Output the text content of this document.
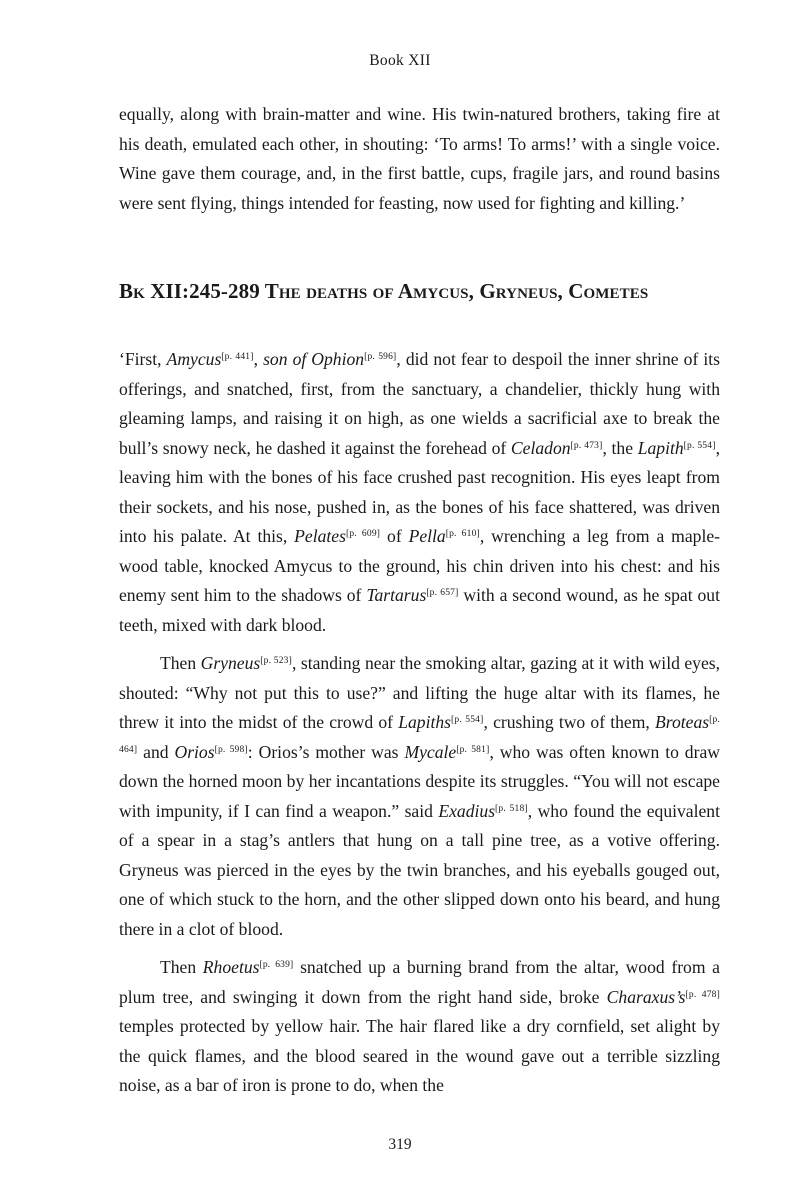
Book XII

equally, along with brain-matter and wine. His twin-natured brothers, taking fire at his death, emulated each other, in shouting: ‘To arms! To arms!’ with a single voice. Wine gave them courage, and, in the first battle, cups, fragile jars, and round basins were sent flying, things intended for feasting, now used for fighting and killing.’

Bk XII:245-289 The deaths of Amycus, Gryneus, Cometes

‘First, Amycus[p. 441], son of Ophion[p. 596], did not fear to despoil the inner shrine of its offerings, and snatched, first, from the sanctuary, a chandelier, thickly hung with gleaming lamps, and raising it on high, as one wields a sacrificial axe to break the bull’s snowy neck, he dashed it against the forehead of Celadon[p. 473], the Lapith[p. 554], leaving him with the bones of his face crushed past recognition. His eyes leapt from their sockets, and his nose, pushed in, as the bones of his face shattered, was driven into his palate. At this, Pelates[p. 609] of Pella[p. 610], wrenching a leg from a maple-wood table, knocked Amycus to the ground, his chin driven into his chest: and his enemy sent him to the shadows of Tartarus[p. 657] with a second wound, as he spat out teeth, mixed with dark blood.

Then Gryneus[p. 523], standing near the smoking altar, gazing at it with wild eyes, shouted: “Why not put this to use?” and lifting the huge altar with its flames, he threw it into the midst of the crowd of Lapiths[p. 554], crushing two of them, Broteas[p. 464] and Orios[p. 598]: Orios’s mother was Mycale[p. 581], who was often known to draw down the horned moon by her incantations despite its struggles. “You will not escape with impunity, if I can find a weapon.” said Exadius[p. 518], who found the equivalent of a spear in a stag’s antlers that hung on a tall pine tree, as a votive offering. Gryneus was pierced in the eyes by the twin branches, and his eyeballs gouged out, one of which stuck to the horn, and the other slipped down onto his beard, and hung there in a clot of blood.

Then Rhoetus[p. 639] snatched up a burning brand from the altar, wood from a plum tree, and swinging it down from the right hand side, broke Charaxus’s[p. 478] temples protected by yellow hair. The hair flared like a dry cornfield, set alight by the quick flames, and the blood seared in the wound gave out a terrible sizzling noise, as a bar of iron is prone to do, when the

319
